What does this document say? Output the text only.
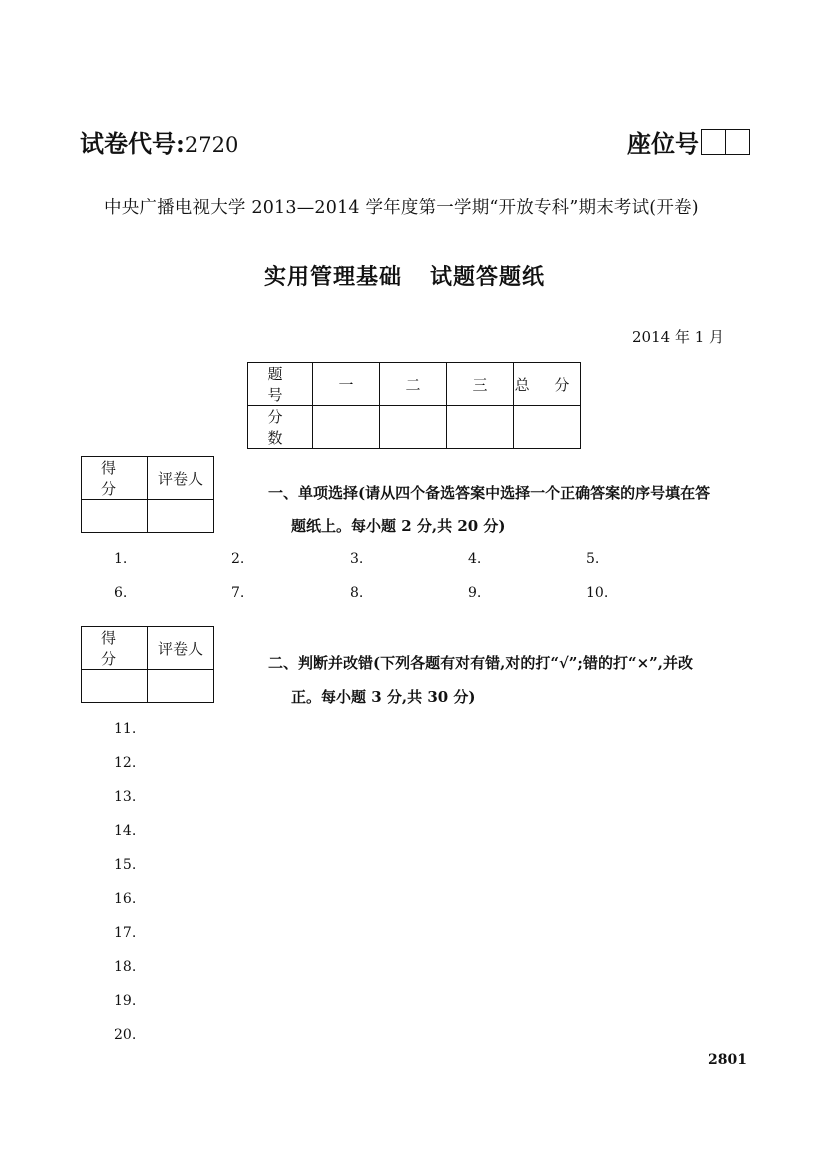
试卷代号:2720	座位号
中央广播电视大学 2013—2014 学年度第一学期“开放专科”期末考试(开卷)
实用管理基础 试题答题纸
2014 年 1 月
题 号	一	二	三	总 分
分 数				
得 分	评卷人

一、单项选择(请从四个备选答案中选择一个正确答案的序号填在答
题纸上。每小题 2 分,共 20 分)
1.	2.	3.	4.	5.
6.	7.	8.	9.	10.
得 分	评卷人

二、判断并改错(下列各题有对有错,对的打“√”;错的打“×”,并改
正。每小题 3 分,共 30 分)
11.
12.
13.
14.
15.
16.
17.
18.
19.
20.
2801
